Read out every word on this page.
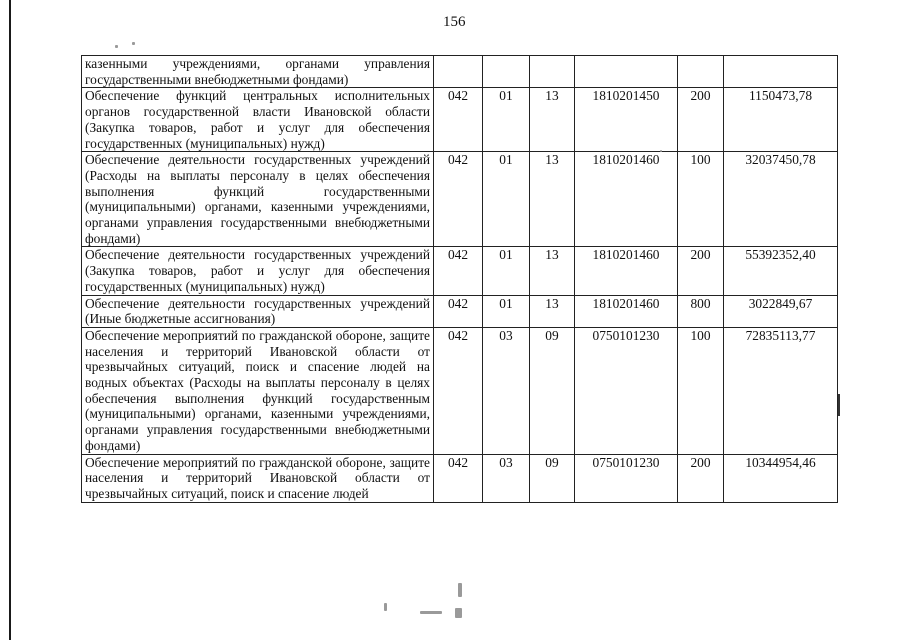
156
казенными учреждениями, органами управления государственными внебюджетными фондами)						
Обеспечение функций центральных исполнительных органов государственной власти Ивановской области (Закупка товаров, работ и услуг для обеспечения государственных (муниципальных) нужд)	042	01	13	1810201450	200	1150473,78
Обеспечение деятельности государственных учреждений (Расходы на выплаты персоналу в целях обеспечения выполнения функций государственными (муниципальными) органами, казенными учреждениями, органами управления государственными внебюджетными фондами)	042	01	13	1810201460	100	32037450,78
Обеспечение деятельности государственных учреждений (Закупка товаров, работ и услуг для обеспечения государственных (муниципальных) нужд)	042	01	13	1810201460	200	55392352,40
Обеспечение деятельности государственных учреждений (Иные бюджетные ассигнования)	042	01	13	1810201460	800	3022849,67
Обеспечение мероприятий по гражданской обороне, защите населения и территорий Ивановской области от чрезвычайных ситуаций, поиск и спасение людей на водных объектах (Расходы на выплаты персоналу в целях обеспечения выполнения функций государственным (муниципальными) органами, казенными учреждениями, органами управления государственными внебюджетными фондами)	042	03	09	0750101230	100	72835113,77
Обеспечение мероприятий по гражданской обороне, защите населения и территорий Ивановской области от чрезвычайных ситуаций, поиск и спасение людей	042	03	09	0750101230	200	10344954,46
